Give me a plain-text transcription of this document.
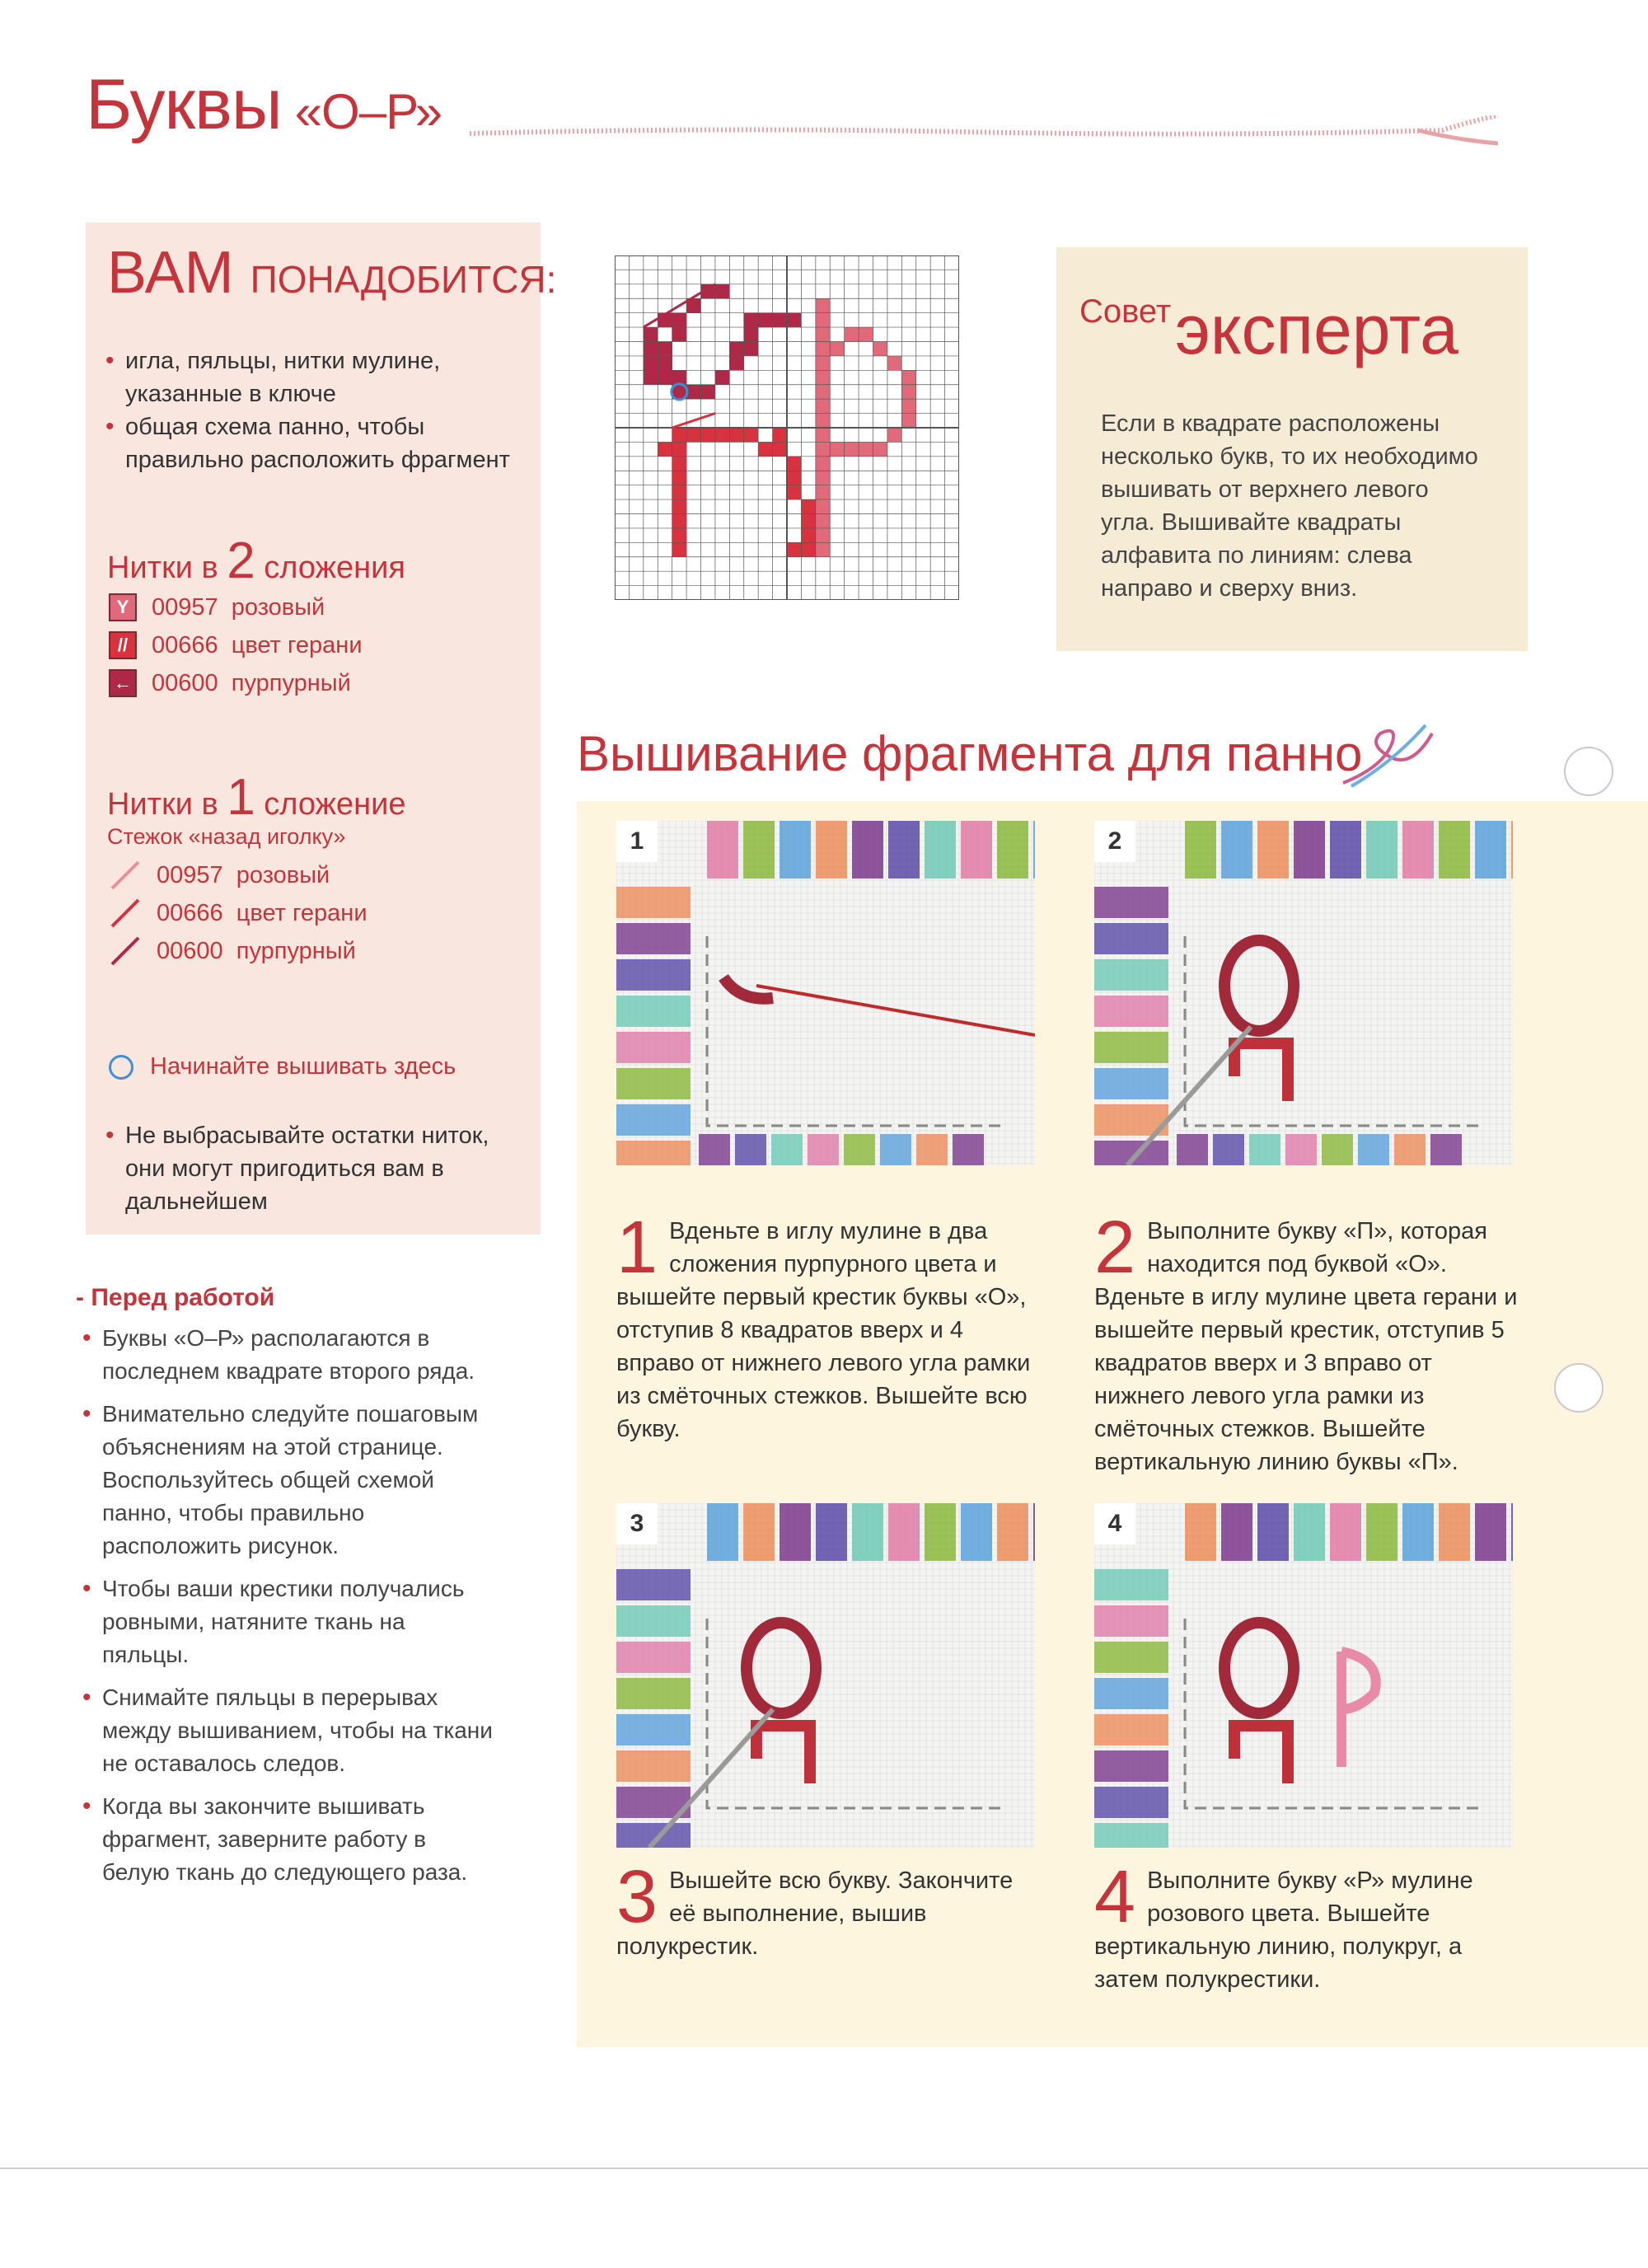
Буквы «О–Р»
ВАМ ПОНАДОБИТСЯ:
• игла, пяльцы, нитки мулине, указанные в ключе
• общая схема панно, чтобы правильно расположить фрагмент
Нитки в 2 сложения
Y 00957
розовый
// 00666
цвет герани
← 00600
пурпурный
Нитки в 1 сложение
Стежок «назад иголку»
00957
розовый
00666
цвет герани
00600
пурпурный
Начинайте вышивать здесь
• Не выбрасывайте остатки ниток, они могут пригодиться вам в дальнейшем
- Перед работой
• Буквы «О–Р» располагаются в последнем квадрате второго ряда.
• Внимательно следуйте пошаговым объяснениям на этой странице. Воспользуйтесь общей схемой панно, чтобы правильно расположить рисунок.
• Чтобы ваши крестики получались ровными, натяните ткань на пяльцы.
• Снимайте пяльцы в перерывах между вышиванием, чтобы на ткани не оставалось следов.
• Когда вы закончите вышивать фрагмент, заверните работу в белую ткань до следующего раза.
Совет эксперта
Если в квадрате расположены несколько букв, то их необходимо вышивать от верхнего левого угла. Вышивайте квадраты алфавита по линиям: слева направо и сверху вниз.
Вышивание фрагмента для панно
1	2
3	4
1 Вденьте в иглу мулине в два сложения пурпурного цвета и вышейте первый крестик буквы «О», отступив 8 квадратов вверх и 4 вправо от нижнего левого угла рамки из смёточных стежков. Вышейте всю букву.
2 Выполните букву «П», которая находится под буквой «О». Вденьте в иглу мулине цвета герани и вышейте первый крестик, отступив 5 квадратов вверх и 3 вправо от нижнего левого угла рамки из смёточных стежков. Вышейте вертикальную линию буквы «П».
3 Вышейте всю букву. Закончите её выполнение, вышив полукрестик.
4 Выполните букву «Р» мулине розового цвета. Вышейте вертикальную линию, полукруг, а затем полукрестики.
